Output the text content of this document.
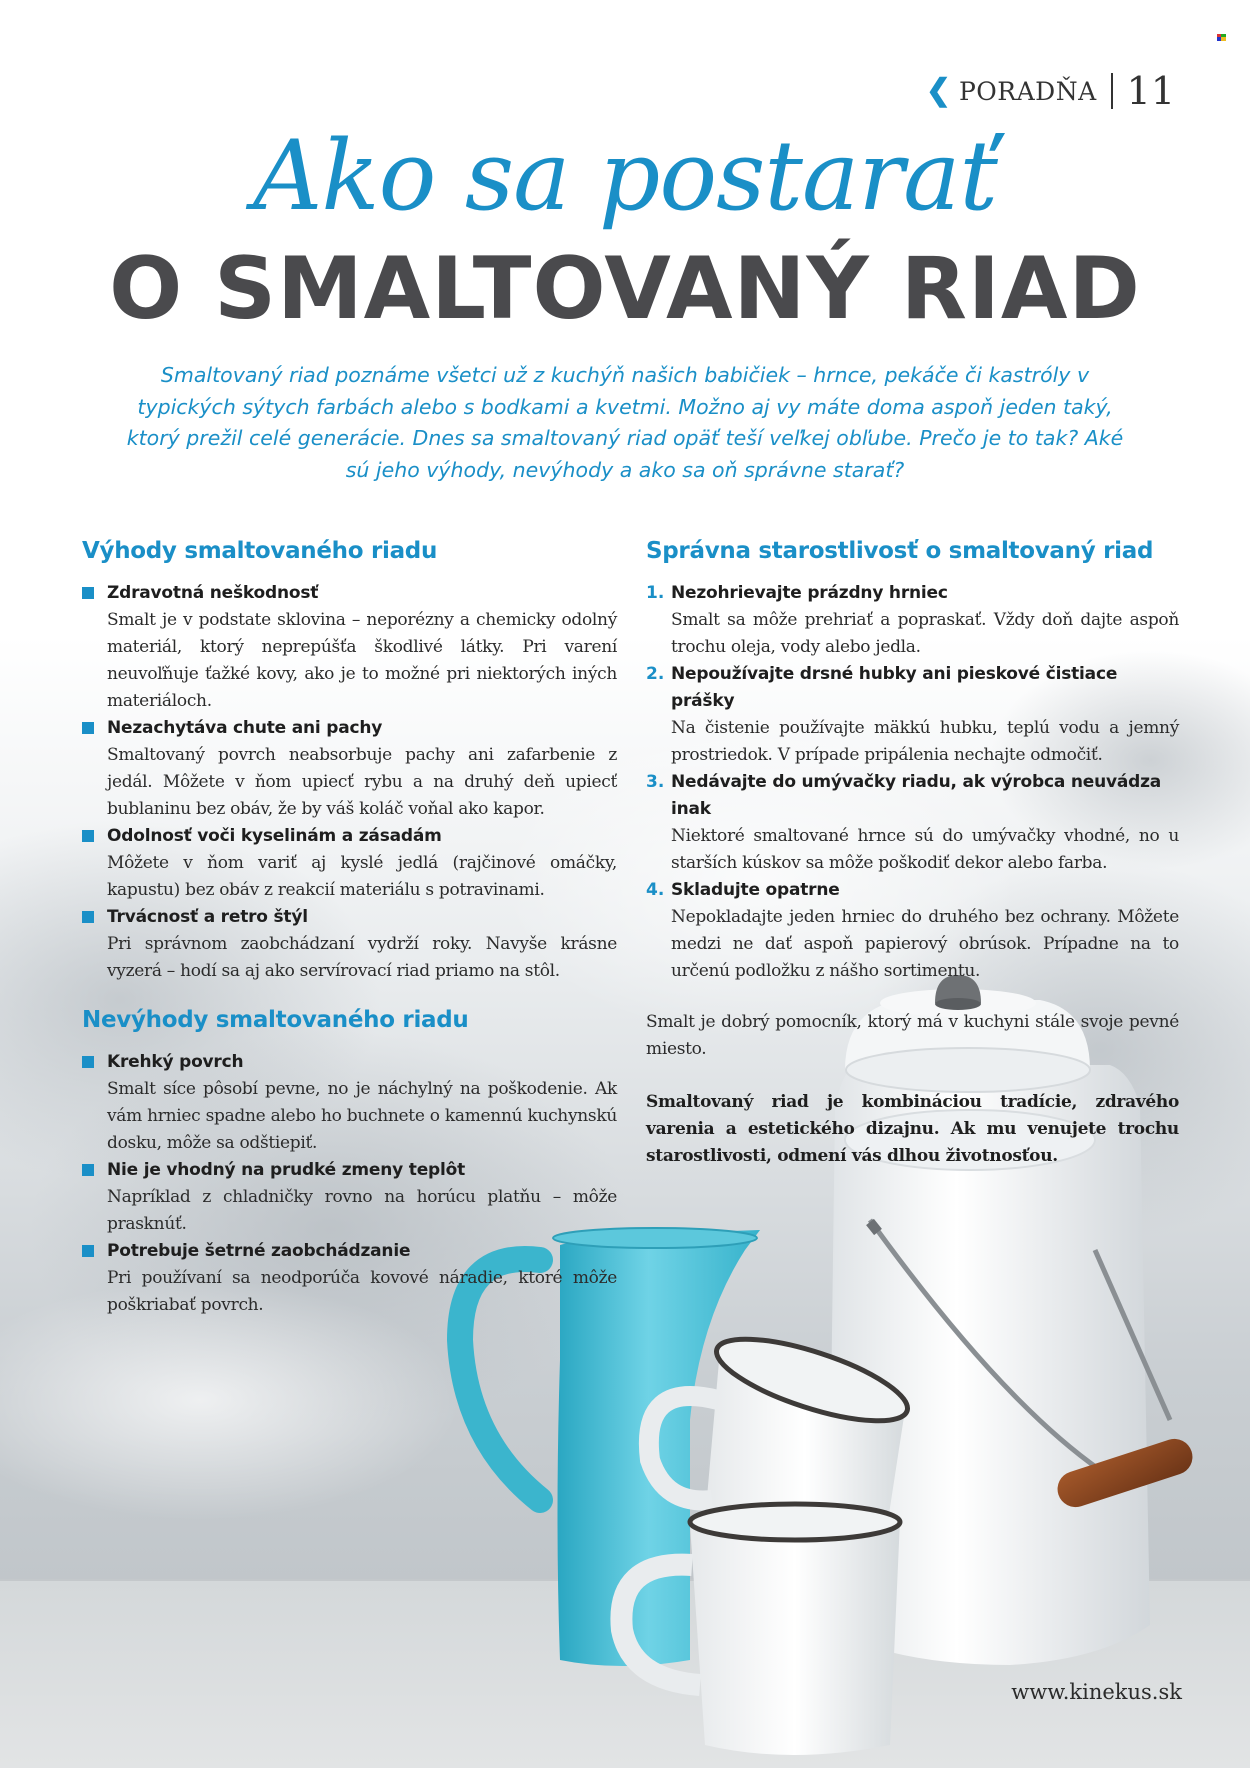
❮ PORADŇA 11
Ako sa postarať
O SMALTOVANÝ RIAD
Smaltovaný riad poznáme všetci už z kuchýň našich babičiek – hrnce, pekáče či kastróly v typických sýtych farbách alebo s bodkami a kvetmi. Možno aj vy máte doma aspoň jeden taký, ktorý prežil celé generácie. Dnes sa smaltovaný riad opäť teší veľkej obľube. Prečo je to tak? Aké sú jeho výhody, nevýhody a ako sa oň správne starať?
Výhody smaltovaného riadu
Zdravotná neškodnosť
Smalt je v podstate sklovina – neporézny a chemicky odolný materiál, ktorý neprepúšťa škodlivé látky. Pri varení neuvoľňuje ťažké kovy, ako je to možné pri niektorých iných materiáloch.
Nezachytáva chute ani pachy
Smaltovaný povrch neabsorbuje pachy ani zafarbenie z jedál. Môžete v ňom upiecť rybu a na druhý deň upiecť bublaninu bez obáv, že by váš koláč voňal ako kapor.
Odolnosť voči kyselinám a zásadám
Môžete v ňom variť aj kyslé jedlá (rajčinové omáčky, kapustu) bez obáv z reakcií materiálu s potravinami.
Trvácnosť a retro štýl
Pri správnom zaobchádzaní vydrží roky. Navyše krásne vyzerá – hodí sa aj ako servírovací riad priamo na stôl.
Nevýhody smaltovaného riadu
Krehký povrch
Smalt síce pôsobí pevne, no je náchylný na poškodenie. Ak vám hrniec spadne alebo ho buchnete o kamennú kuchynskú dosku, môže sa odštiepiť.
Nie je vhodný na prudké zmeny teplôt
Napríklad z chladničky rovno na horúcu platňu – môže prasknúť.
Potrebuje šetrné zaobchádzanie
Pri používaní sa neodporúča kovové náradie, ktoré môže poškriabať povrch.
Správna starostlivosť o smaltovaný riad
1. Nezohrievajte prázdny hrniec
Smalt sa môže prehriať a popraskať. Vždy doň dajte aspoň trochu oleja, vody alebo jedla.
2. Nepoužívajte drsné hubky ani pieskové čistiace prášky
Na čistenie používajte mäkkú hubku, teplú vodu a jemný prostriedok. V prípade pripálenia nechajte odmočiť.
3. Nedávajte do umývačky riadu, ak výrobca neuvádza inak
Niektoré smaltované hrnce sú do umývačky vhodné, no u starších kúskov sa môže poškodiť dekor alebo farba.
4. Skladujte opatrne
Nepokladajte jeden hrniec do druhého bez ochrany. Môžete medzi ne dať aspoň papierový obrúsok. Prípadne na to určenú podložku z nášho sortimentu.
Smalt je dobrý pomocník, ktorý má v kuchyni stále svoje pevné miesto.
Smaltovaný riad je kombináciou tradície, zdravého varenia a estetického dizajnu. Ak mu venujete trochu starostlivosti, odmení vás dlhou životnosťou.
www.kinekus.sk
